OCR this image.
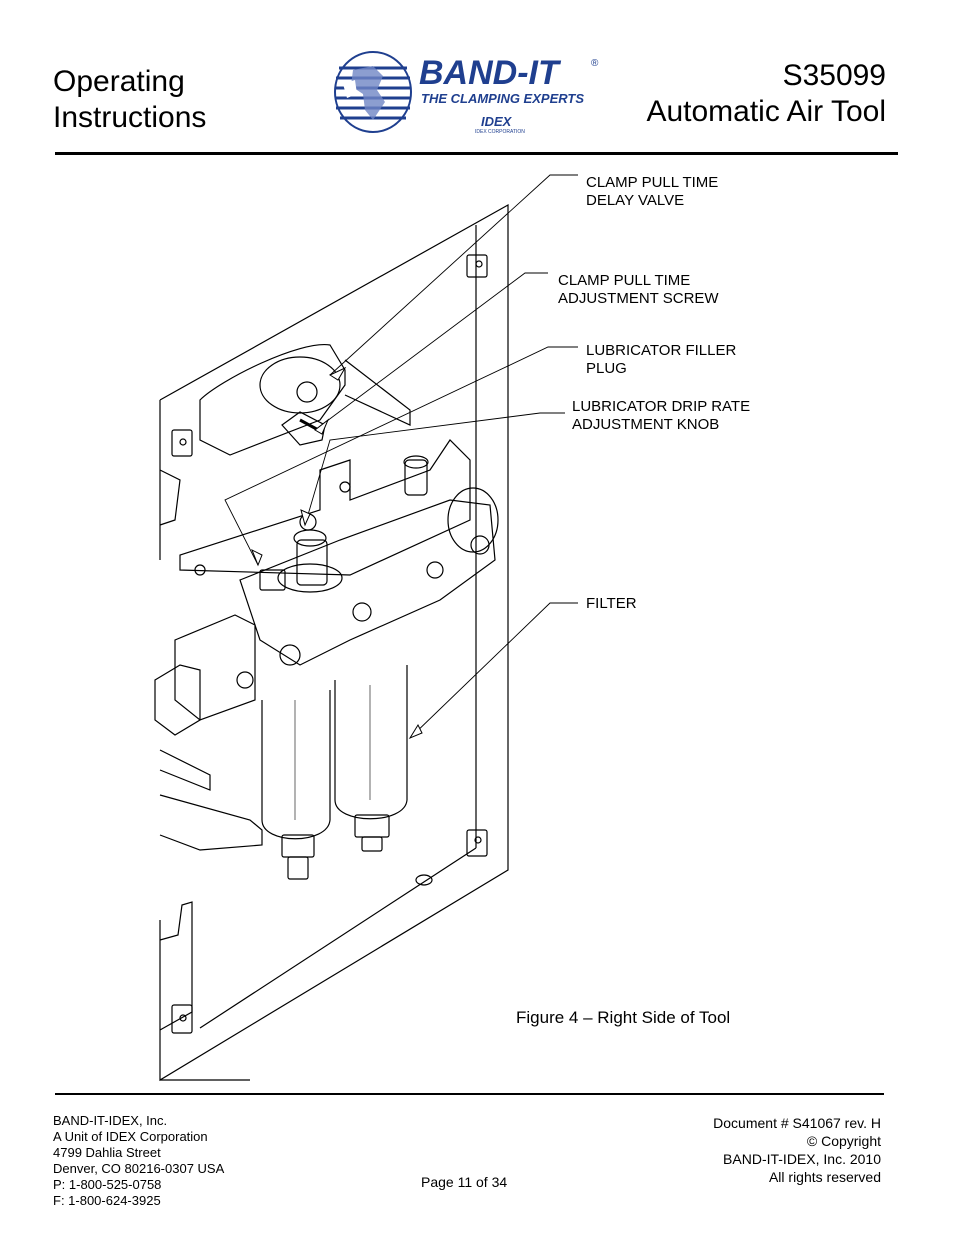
Operating
Instructions
BAND-IT	®
THE CLAMPING EXPERTS
IDEX
IDEX CORPORATION
S35099
Automatic Air Tool
CLAMP PULL TIME
DELAY VALVE
CLAMP PULL TIME
ADJUSTMENT SCREW
LUBRICATOR FILLER
PLUG
LUBRICATOR DRIP RATE
ADJUSTMENT KNOB
FILTER
Figure 4 – Right Side of Tool
BAND-IT-IDEX, Inc.
A Unit of IDEX Corporation
4799 Dahlia Street
Denver, CO 80216-0307 USA
P: 1-800-525-0758
F: 1-800-624-3925
Page 11 of 34
Document # S41067 rev. H
© Copyright
BAND-IT-IDEX, Inc. 2010
All rights reserved
